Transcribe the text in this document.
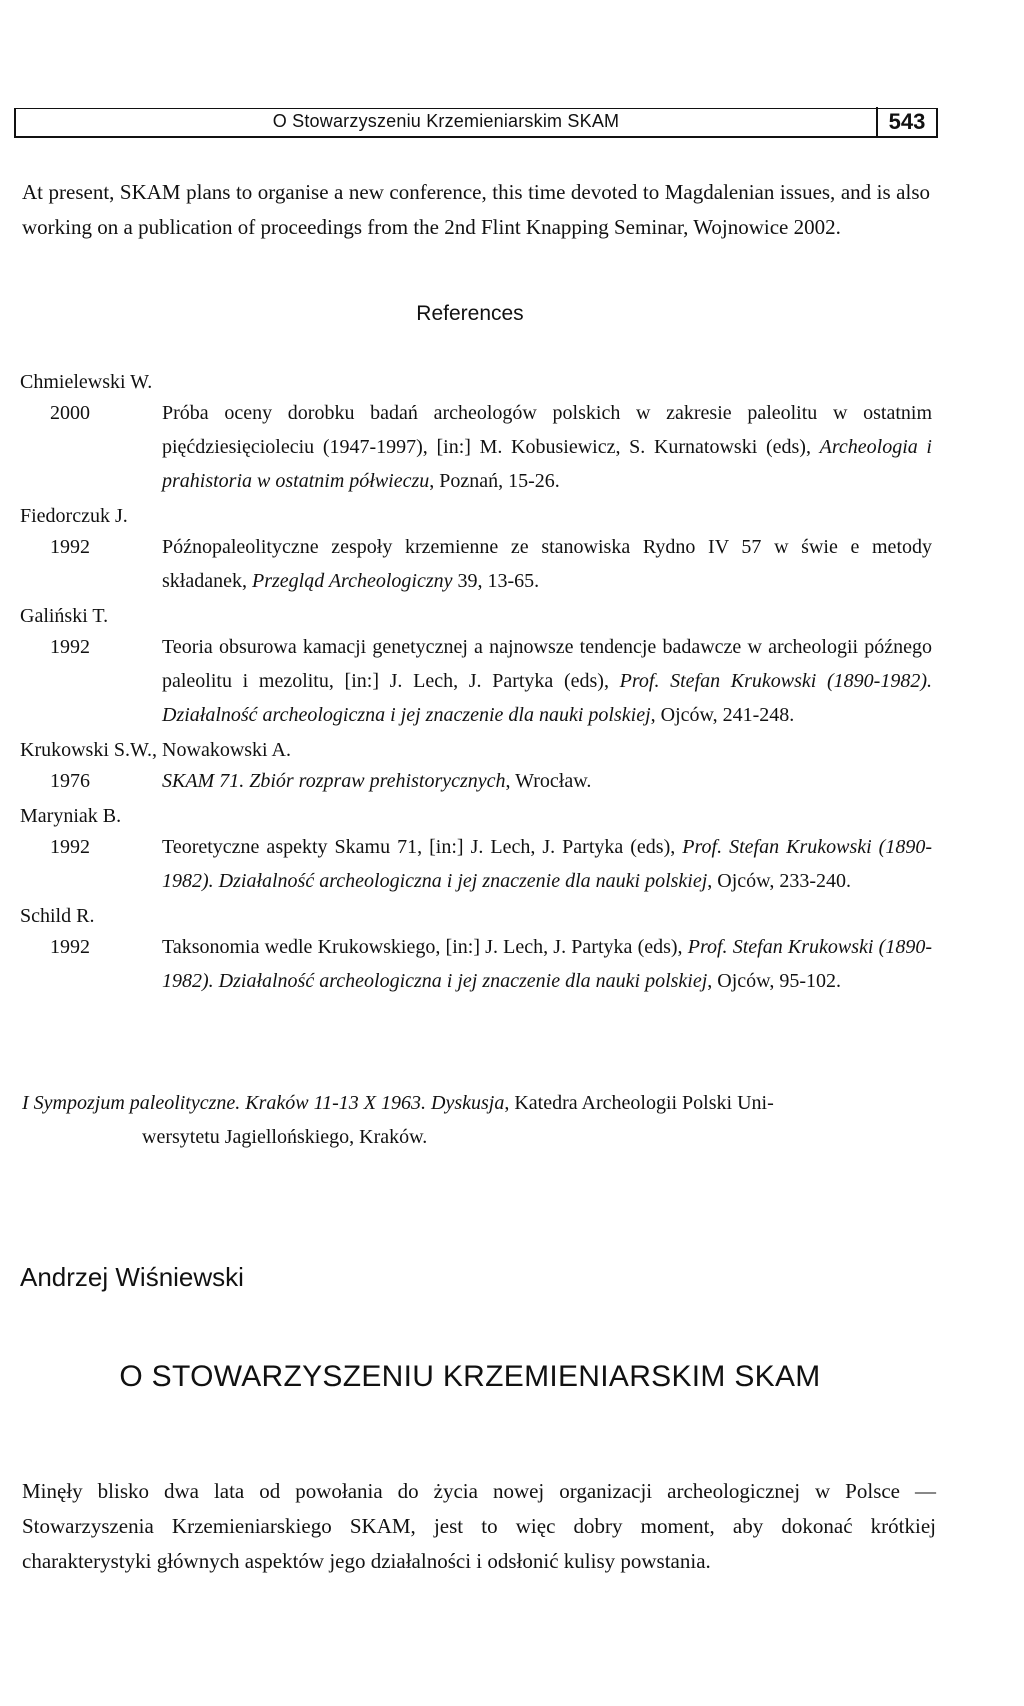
O Stowarzyszeniu Krzemieniarskim SKAM	543

At present, SKAM plans to organise a new conference, this time devoted to Magdalenian issues, and is also working on a publication of proceedings from the 2nd Flint Knapping Seminar, Wojnowice 2002.

References

Chmielewski W.

2000	Próba oceny dorobku badań archeologów polskich w zakresie paleolitu w ostatnim pięćdziesięcioleciu (1947-1997), [in:] M. Kobusiewicz, S. Kurnatowski (eds), Archeologia i prahistoria w ostatnim półwieczu, Poznań, 15-26.

Fiedorczuk J.

1992	Późnopaleolityczne zespoły krzemienne ze stanowiska Rydno IV 57 w świe e metody składanek, Przegląd Archeologiczny 39, 13-65.

Galiński T.

1992	Teoria obsurowa kamacji genetycznej a najnowsze tendencje badawcze w archeologii późnego paleolitu i mezolitu, [in:] J. Lech, J. Partyka (eds), Prof. Stefan Krukowski (1890-1982). Działalność archeologiczna i jej znaczenie dla nauki polskiej, Ojców, 241-248.

Krukowski S.W., Nowakowski A.

1976	SKAM 71. Zbiór rozpraw prehistorycznych, Wrocław.

Maryniak B.

1992	Teoretyczne aspekty Skamu 71, [in:] J. Lech, J. Partyka (eds), Prof. Stefan Krukowski (1890-1982). Działalność archeologiczna i jej znaczenie dla nauki polskiej, Ojców, 233-240.

Schild R.

1992	Taksonomia wedle Krukowskiego, [in:] J. Lech, J. Partyka (eds), Prof. Stefan Krukowski (1890-1982). Działalność archeologiczna i jej znaczenie dla nauki polskiej, Ojców, 95-102.
I Sympozjum paleolityczne. Kraków 11-13 X 1963. Dyskusja, Katedra Archeologii Polski Uni-
wersytetu Jagiellońskiego, Kraków.
Andrzej Wiśniewski
O STOWARZYSZENIU KRZEMIENIARSKIM SKAM

Minęły blisko dwa lata od powołania do życia nowej organizacji archeologicznej w Polsce — Stowarzyszenia Krzemieniarskiego SKAM, jest to więc dobry moment, aby dokonać krótkiej charakterystyki głównych aspektów jego działalności i odsłonić kulisy powstania.
